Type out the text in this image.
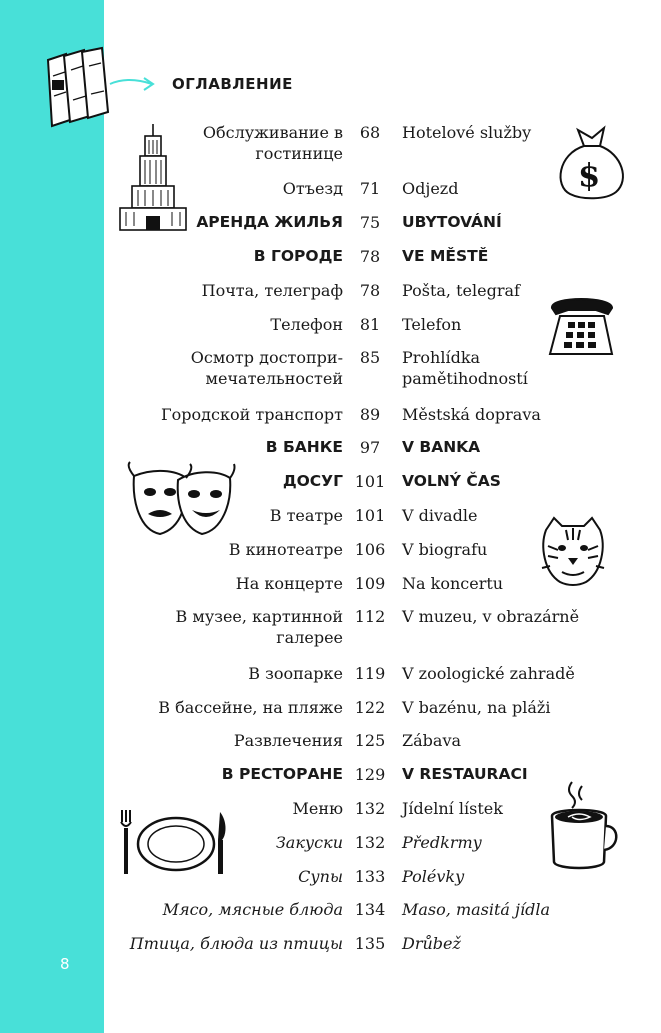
8
ОГЛАВЛЕНИЕ
$
Обслуживание в
гостинице
68	Hotelové služby
Отъезд	71	Odjezd
АРЕНДА ЖИЛЬЯ	75	UBYTOVÁNÍ
В ГОРОДЕ	78	VE MĚSTĚ
Почта, телеграф	78	Pošta, telegraf
Телефон	81	Telefon
Осмотр достопри-
мечательностей
85	Prohlídka
pamětihodností
Городской транспорт	89	Městská doprava
В БАНКЕ	97	V BANKA
ДОСУГ 101 VOLNÝ ČAS
В театре 101 V divadle
В кинотеатре 106 V biografu
На концерте 109 Na koncertu
В музее, картинной
галерее
112 V muzeu, v obrazárně
В зоопарке 119 V zoologické zahradě
В бассейне, на пляже 122 V bazénu, na pláži
Развлечения 125 Zábava
В РЕСТОРАНЕ 129 V RESTAURACI
Меню 132 Jídelní lístek
Закуски 132 Předkrmy
Супы 133 Polévky
Мясо, мясные блюда 134 Maso, masitá jídla
Птица, блюда из птицы 135 Drůbež
